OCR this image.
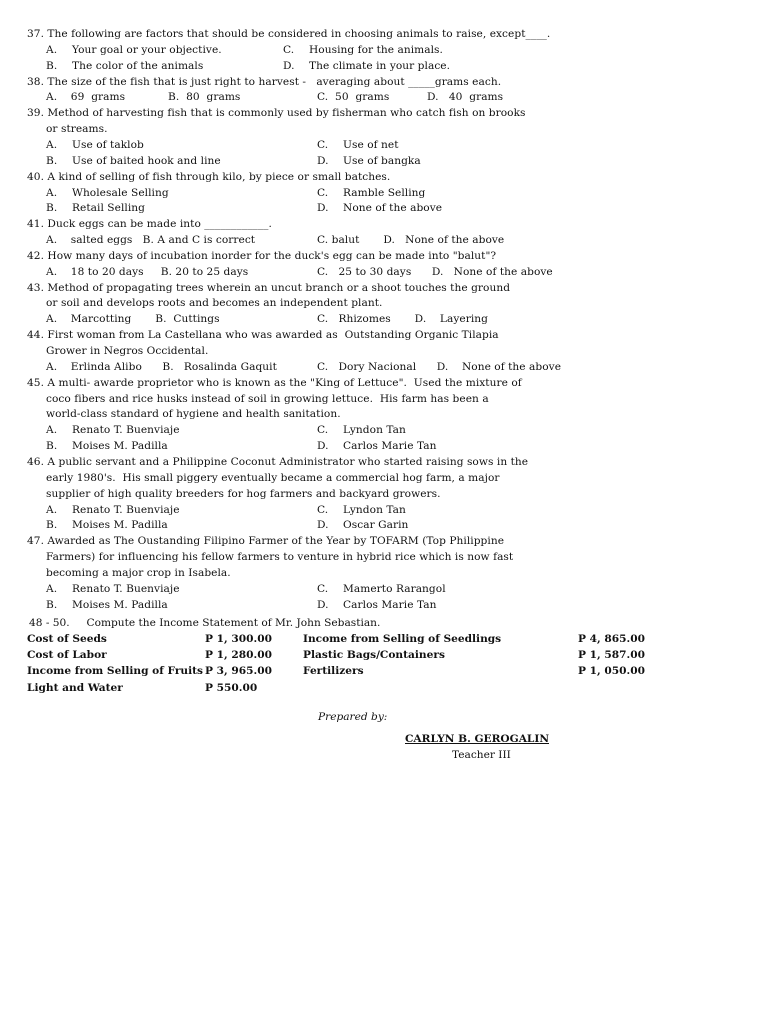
37. The following are factors that should be considered in choosing animals to raise, except____.
A. Your goal or your objective.	C. Housing for the animals.
B. The color of the animals	D. The climate in your place.
38. The size of the fish that is just right to harvest -   averaging about _____grams each.
A.    69  grams	B.  80  grams	C.  50  grams	D.   40  grams
39. Method of harvesting fish that is commonly used by fisherman who catch fish on brooks
or streams.
A. Use of taklob	C. Use of net
B. Use of baited hook and line	D. Use of bangka
40. A kind of selling of fish through kilo, by piece or small batches.
A. Wholesale Selling	C. Ramble Selling
B. Retail Selling	D. None of the above
41. Duck eggs can be made into ____________.
A.    salted eggs   B. A and C is correct	C. balut       D.   None of the above
42. How many days of incubation inorder for the duck's egg can be made into "balut"?
A.    18 to 20 days     B. 20 to 25 days	C.   25 to 30 days      D.   None of the above
43. Method of propagating trees wherein an uncut branch or a shoot touches the ground
or soil and develops roots and becomes an independent plant.
A.    Marcotting       B.  Cuttings	C.   Rhizomes       D.    Layering
44. First woman from La Castellana who was awarded as  Outstanding Organic Tilapia
Grower in Negros Occidental.
A.    Erlinda Alibo      B.   Rosalinda Gaquit	C.   Dory Nacional      D.    None of the above
45. A multi- awarde proprietor who is known as the "King of Lettuce".  Used the mixture of
coco fibers and rice husks instead of soil in growing lettuce.  His farm has been a
world-class standard of hygiene and health sanitation.
A. Renato T. Buenviaje	C. Lyndon Tan
B. Moises M. Padilla	D. Carlos Marie Tan
46. A public servant and a Philippine Coconut Administrator who started raising sows in the
early 1980's.  His small piggery eventually became a commercial hog farm, a major
supplier of high quality breeders for hog farmers and backyard growers.
A. Renato T. Buenviaje	C. Lyndon Tan
B. Moises M. Padilla	D. Oscar Garin
47. Awarded as The Oustanding Filipino Farmer of the Year by TOFARM (Top Philippine
Farmers) for influencing his fellow farmers to venture in hybrid rice which is now fast
becoming a major crop in Isabela.
A. Renato T. Buenviaje	C. Mamerto Rarangol
B. Moises M. Padilla	D. Carlos Marie Tan
48 - 50.     Compute the Income Statement of Mr. John Sebastian.
Cost of Seeds	P 1, 300.00	Income from Selling of Seedlings	P 4, 865.00
Cost of Labor	P 1, 280.00	Plastic Bags/Containers	P 1, 587.00
Income from Selling of Fruits P 3, 965.00	Fertilizers	P 1, 050.00
Light and Water	P 550.00
Prepared by:
CARLYN B. GEROGALIN
Teacher III
